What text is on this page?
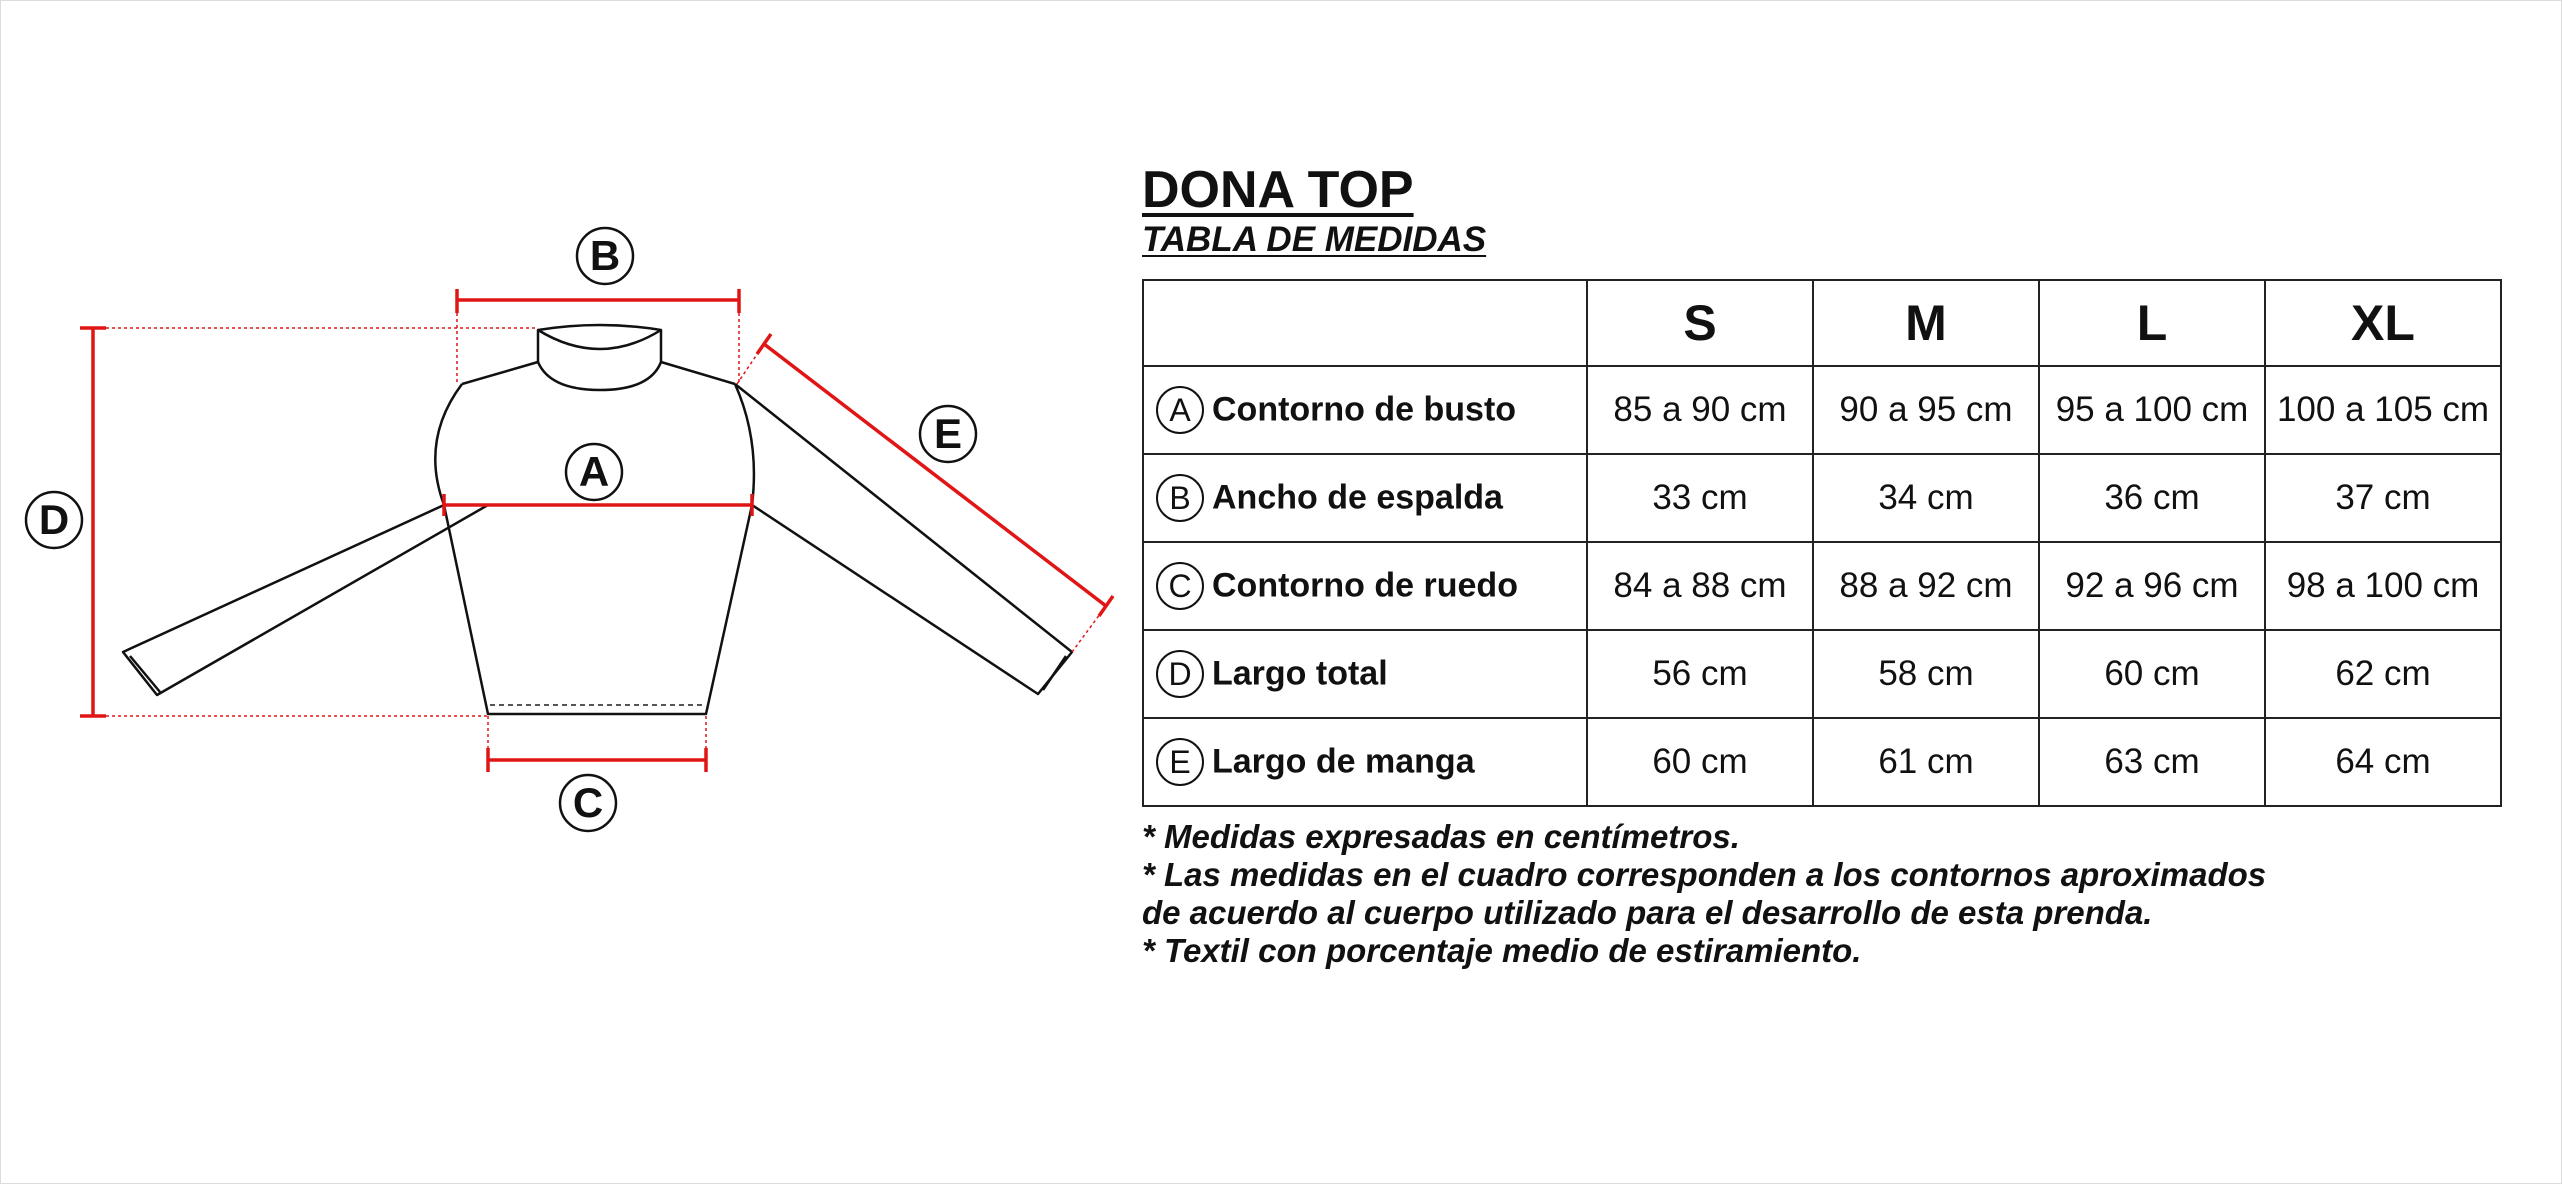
B
A
C
D
E
DONA TOP
TABLA DE MEDIDAS
	S	M	L	XL
A Contorno de busto	85 a 90 cm	90 a 95 cm	95 a 100 cm	100 a 105 cm
B Ancho de espalda	33 cm	34 cm	36 cm	37 cm
C Contorno de ruedo	84 a 88 cm	88 a 92 cm	92 a 96 cm	98 a 100 cm
D Largo total	56 cm	58 cm	60 cm	62 cm
E Largo de manga	60 cm	61 cm	63 cm	64 cm
* Medidas expresadas en centímetros.
* Las medidas en el cuadro corresponden a los contornos aproximados
de acuerdo al cuerpo utilizado para el desarrollo de esta prenda.
* Textil con porcentaje medio de estiramiento.
